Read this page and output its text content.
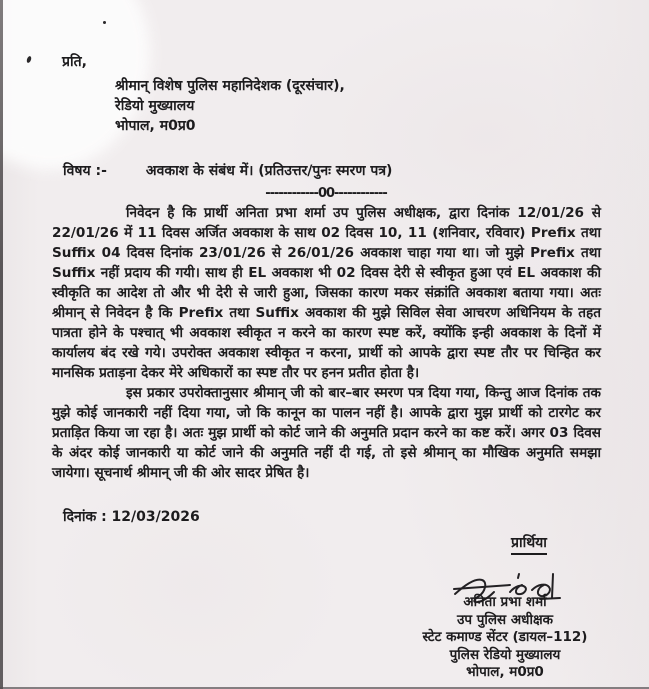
प्रति,
श्रीमान् विशेष पुलिस महानिदेशक (दूरसंचार),
रेडियो मुख्यालय
भोपाल, म0प्र0
विषय :-	अवकाश के संबंध में। (प्रतिउत्तर/पुनः स्मरण पत्र)
------------00------------

निवेदन है कि प्रार्थी अनिता प्रभा शर्मा उप पुलिस अधीक्षक, द्वारा दिनांक 12/01/26 से 22/01/26 में 11 दिवस अर्जित अवकाश के साथ 02 दिवस 10, 11 (शनिवार, रविवार) Prefix तथा Suffix 04 दिवस दिनांक 23/01/26 से 26/01/26 अवकाश चाहा गया था। जो मुझे Prefix तथा Suffix नहीं प्रदाय की गयी। साथ ही EL अवकाश भी 02 दिवस देरी से स्वीकृत हुआ एवं EL अवकाश की स्वीकृति का आदेश तो और भी देरी से जारी हुआ, जिसका कारण मकर संक्रांति अवकाश बताया गया। अतः श्रीमान् से निवेदन है कि Prefix तथा Suffix अवकाश की मुझे सिविल सेवा आचरण अधिनियम के तहत पात्रता होने के पश्चात् भी अवकाश स्वीकृत न करने का कारण स्पष्ट करें, क्योंकि इन्ही अवकाश के दिनों में कार्यालय बंद रखे गये। उपरोक्त अवकाश स्वीकृत न करना, प्रार्थी को आपके द्वारा स्पष्ट तौर पर चिन्हित कर मानसिक प्रताड़ना देकर मेरे अधिकारों का स्पष्ट तौर पर हनन प्रतीत होता है।

इस प्रकार उपरोक्तानुसार श्रीमान् जी को बार–बार स्मरण पत्र दिया गया, किन्तु आज दिनांक तक मुझे कोई जानकारी नहीं दिया गया, जो कि कानून का पालन नहीं है। आपके द्वारा मुझ प्रार्थी को टारगेट कर प्रताड़ित किया जा रहा है। अतः मुझ प्रार्थी को कोर्ट जाने की अनुमति प्रदान करने का कष्ट करें। अगर 03 दिवस के अंदर कोई जानकारी या कोर्ट जाने की अनुमति नहीं दी गई, तो इसे श्रीमान् का मौखिक अनुमति समझा जायेगा। सूचनार्थ श्रीमान् जी की ओर सादर प्रेषित है।

दिनांक : 12/03/2026
प्रार्थिया
अनिता प्रभा शर्मा
उप पुलिस अधीक्षक
स्टेट कमाण्ड सेंटर (डायल–112)
पुलिस रेडियो मुख्यालय
भोपाल, म0प्र0
